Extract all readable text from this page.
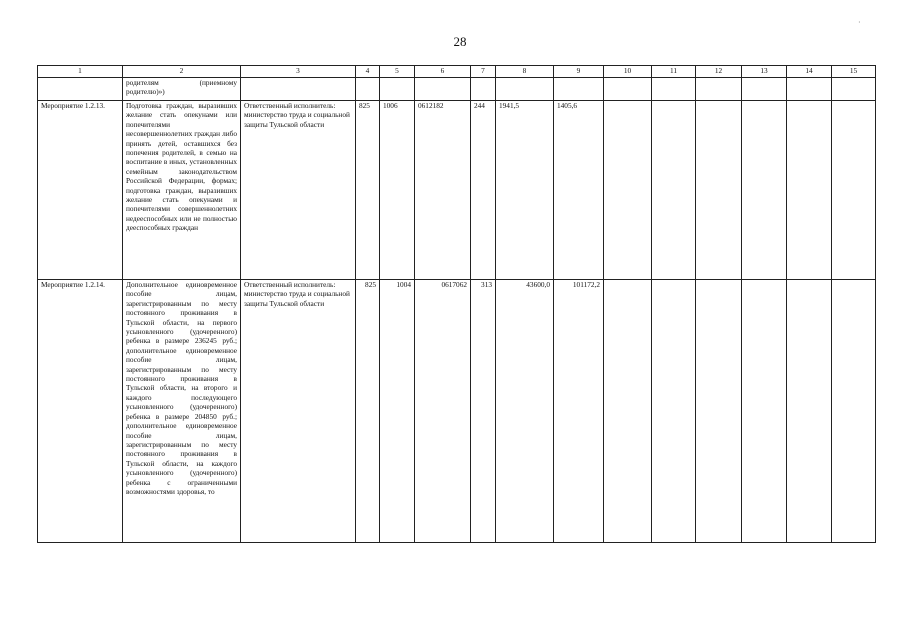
28
·
1	2	3	4	5	6	7	8	9	10	11	12	13	14	15

	родителям (приемному
родителю)»)													

Мероприятие 1.2.13.	Подготовка граждан, выразивших желание стать опекунами или попечителями несовершеннолетних граждан либо принять детей, оставшихся без попечения родителей, в семью на воспитание в иных, установленных семейным законодательством Российской Федерации, формах; подготовка граждан, выразивших желание стать опекунами и попечителями совершеннолетних недееспособных или не полностью дееспособных граждан	Ответственный исполнитель: министерство труда и социальной защиты Тульской области	825	1006	0612182	244	1941,5	1405,6						
Мероприятие 1.2.14.	Дополнительное единовременное пособие лицам, зарегистрированным по месту постоянного проживания в Тульской области, на первого усыновленного (удочеренного) ребенка в размере 236245 руб.; дополнительное единовременное пособие лицам, зарегистрированным по месту постоянного проживания в Тульской области, на второго и каждого последующего усыновленного (удочеренного) ребенка в размере 204850 руб.; дополнительное единовременное пособие лицам, зарегистрированным по месту постоянного проживания в Тульской области, на каждого усыновленного (удочеренного) ребенка с ограниченными возможностями здоровья, то	Ответственный исполнитель: министерство труда и социальной защиты Тульской области	825	1004	0617062	313	43600,0	101172,2						
